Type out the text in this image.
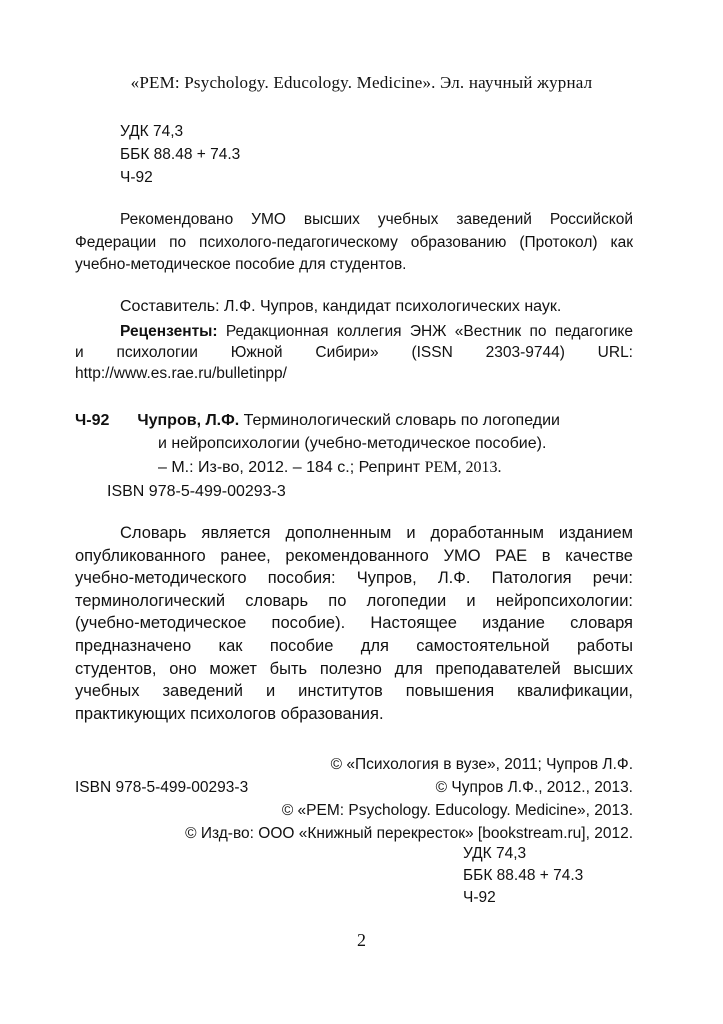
«PEM: Psychology. Educology. Medicine». Эл. научный журнал
УДК 74,3
ББК 88.48 + 74.3
Ч-92
Рекомендовано УМО высших учебных заведений Российской
Федерации по психолого-педагогическому образованию (Протокол) как
учебно-методическое пособие для студентов.
Составитель: Л.Ф. Чупров, кандидат психологических наук.
Рецензенты: Редакционная коллегия ЭНЖ «Вестник по педагогике
и психологии Южной Сибири» (ISSN 2303-9744) URL:
http://www.es.rae.ru/bulletinpp/
Ч-92 Чупров, Л.Ф. Терминологический словарь по логопедии
и нейропсихологии (учебно-методическое пособие).
– М.: Из-во, 2012. – 184 с.; Репринт PEM, 2013.
ISBN 978-5-499-00293-3
Словарь является дополненным и доработанным изданием
опубликованного ранее, рекомендованного УМО РАЕ в качестве
учебно-методического пособия: Чупров, Л.Ф. Патология речи:
терминологический словарь по логопедии и нейропсихологии:
(учебно-методическое пособие). Настоящее издание словаря
предназначено как пособие для самостоятельной работы
студентов, оно может быть полезно для преподавателей высших
учебных заведений и институтов повышения квалификации,
практикующих психологов образования.
© «Психология в вузе», 2011; Чупров Л.Ф.
ISBN 978-5-499-00293-3	© Чупров Л.Ф., 2012., 2013.
© «PEM: Psychology. Educology. Medicine», 2013.
© Изд-во: ООО «Книжный перекресток» [bookstream.ru], 2012.
УДК 74,3
ББК 88.48 + 74.3
Ч-92
2
